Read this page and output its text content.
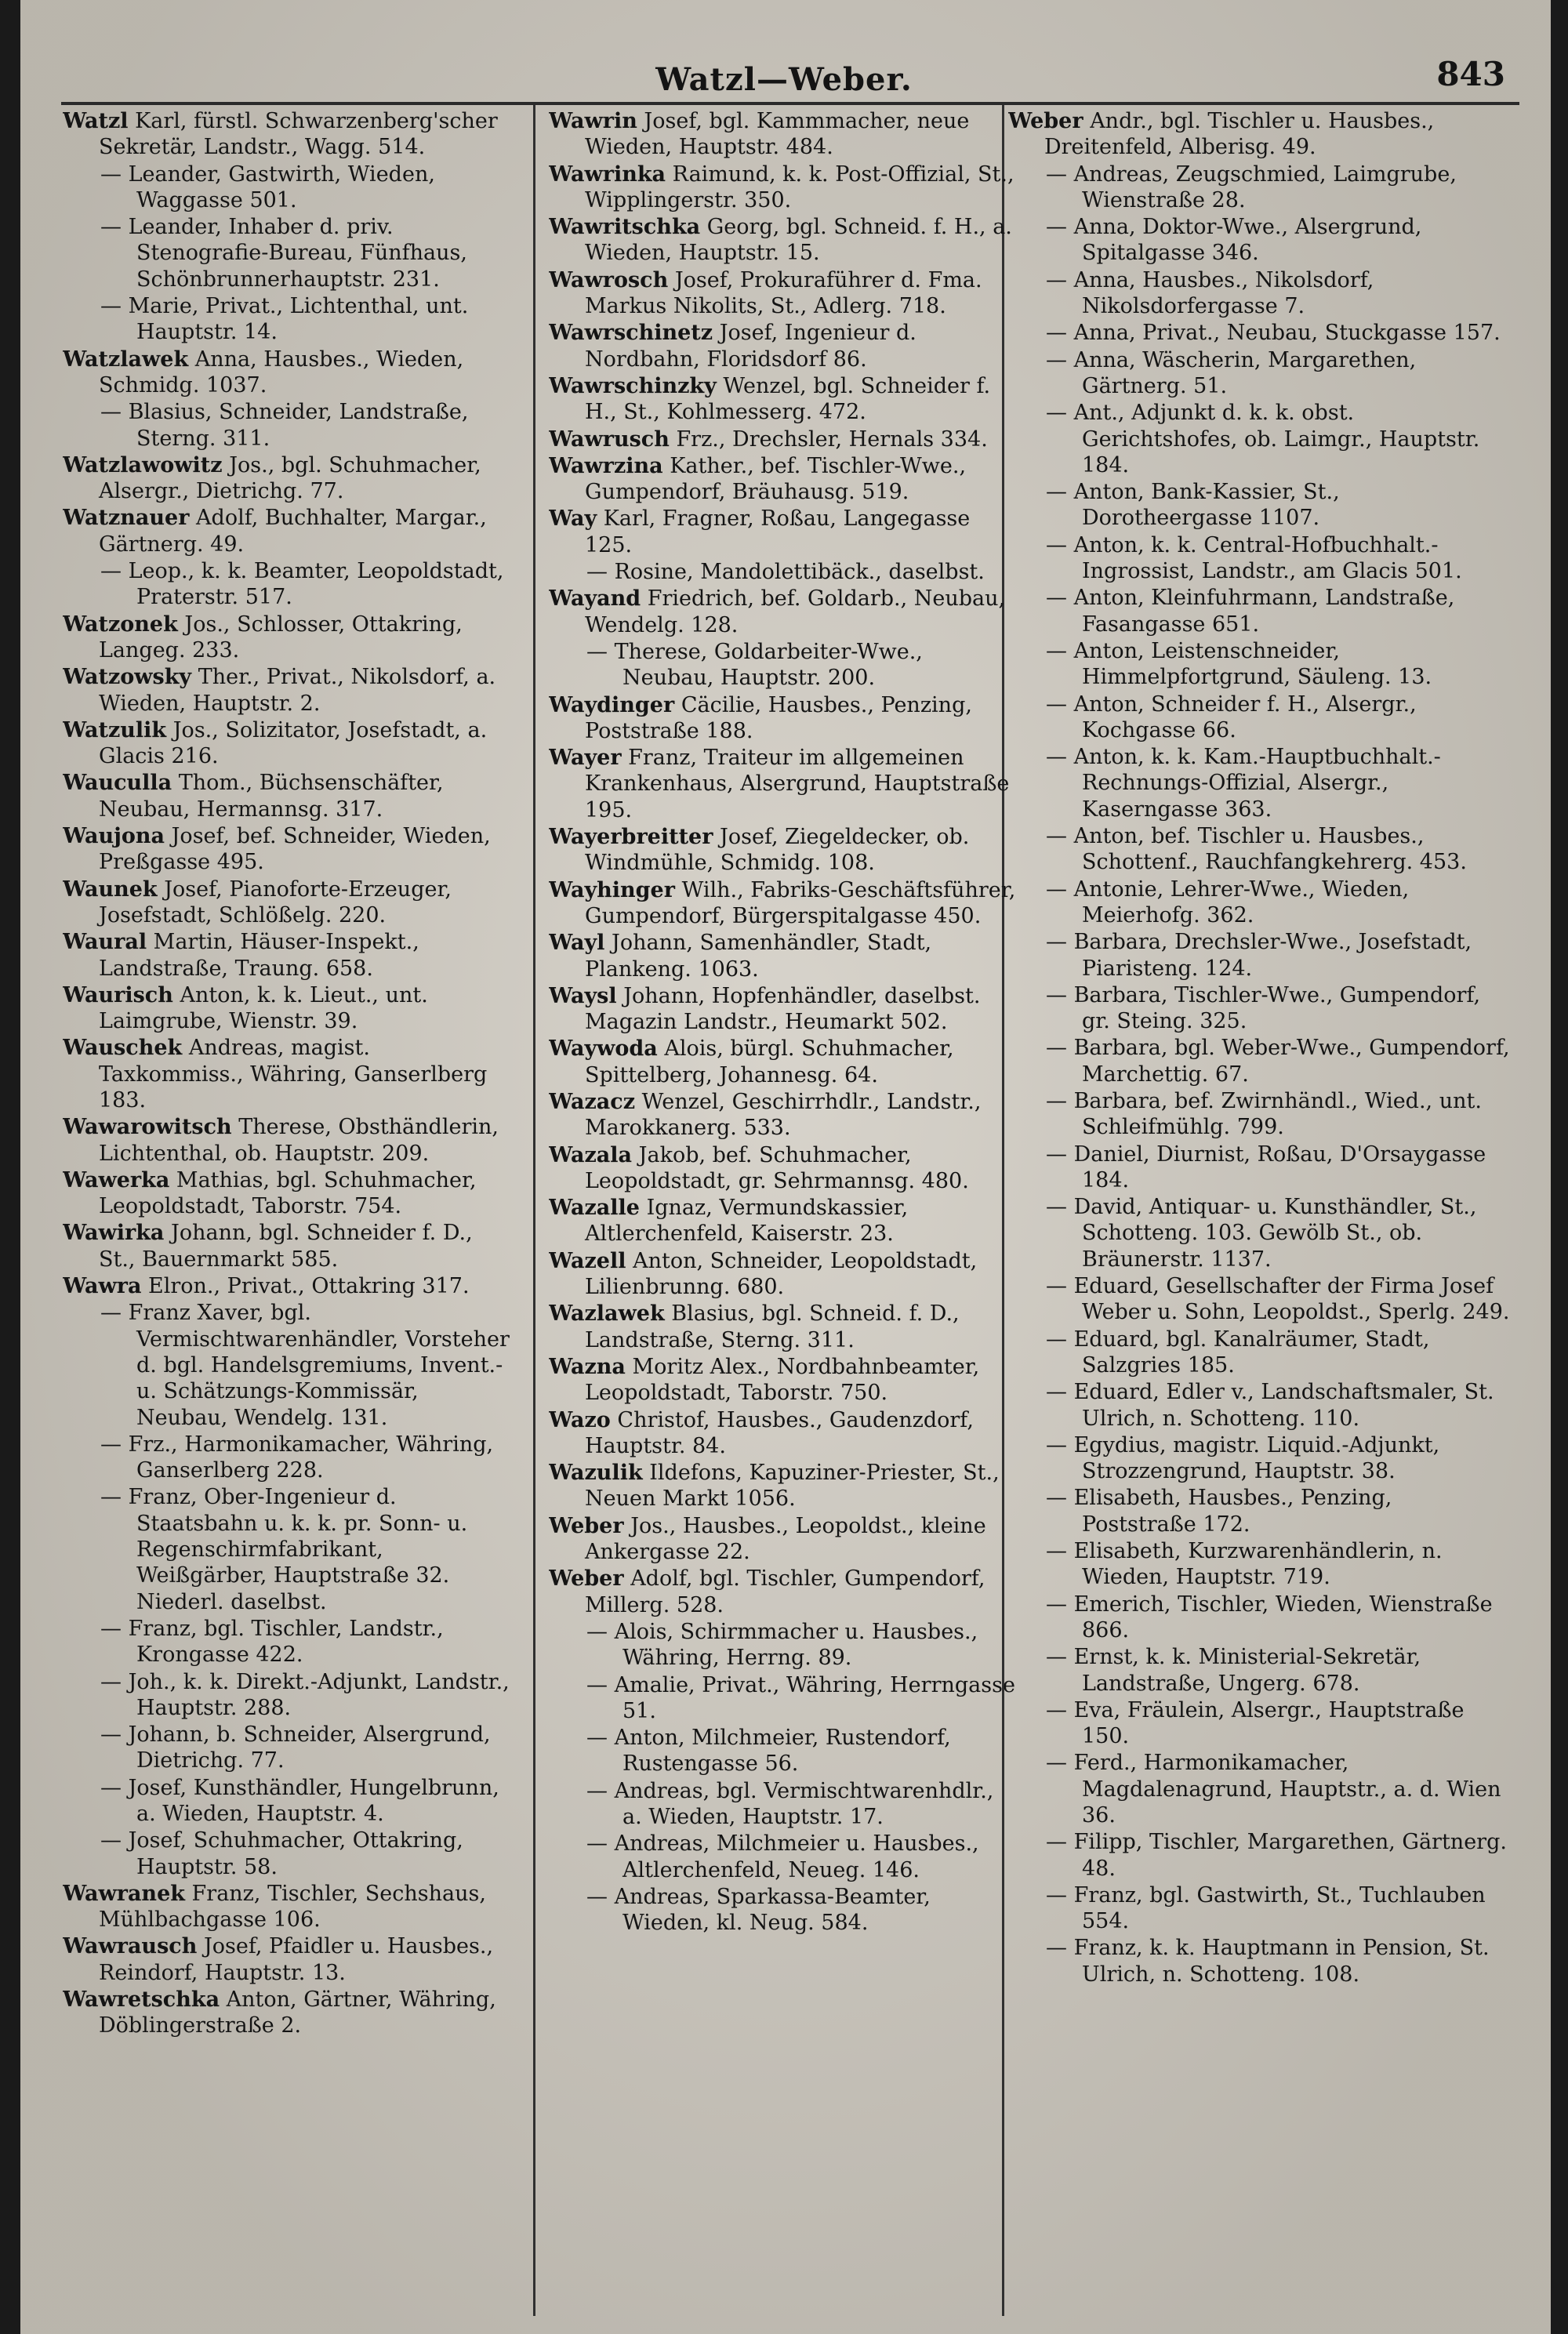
Watzl—Weber.	843
Watzl Karl, fürstl. Schwarzenberg'scher Sekretär, Landstr., Wagg. 514.
— Leander, Gastwirth, Wieden, Waggasse 501.
— Leander, Inhaber d. priv. Stenografie-Bureau, Fünfhaus, Schönbrunnerhauptstr. 231.
— Marie, Privat., Lichtenthal, unt. Hauptstr. 14.
Watzlawek Anna, Hausbes., Wieden, Schmidg. 1037.
— Blasius, Schneider, Landstraße, Sterng. 311.
Watzlawowitz Jos., bgl. Schuhmacher, Alsergr., Dietrichg. 77.
Watznauer Adolf, Buchhalter, Margar., Gärtnerg. 49.
— Leop., k. k. Beamter, Leopoldstadt, Praterstr. 517.
Watzonek Jos., Schlosser, Ottakring, Langeg. 233.
Watzowsky Ther., Privat., Nikolsdorf, a. Wieden, Hauptstr. 2.
Watzulik Jos., Solizitator, Josefstadt, a. Glacis 216.
Wauculla Thom., Büchsenschäfter, Neubau, Hermannsg. 317.
Waujona Josef, bef. Schneider, Wieden, Preßgasse 495.
Waunek Josef, Pianoforte-Erzeuger, Josefstadt, Schlößelg. 220.
Waural Martin, Häuser-Inspekt., Landstraße, Traung. 658.
Waurisch Anton, k. k. Lieut., unt. Laimgrube, Wienstr. 39.
Wauschek Andreas, magist. Taxkommiss., Währing, Ganserlberg 183.
Wawarowitsch Therese, Obsthändlerin, Lichtenthal, ob. Hauptstr. 209.
Wawerka Mathias, bgl. Schuhmacher, Leopoldstadt, Taborstr. 754.
Wawirka Johann, bgl. Schneider f. D., St., Bauernmarkt 585.
Wawra Elron., Privat., Ottakring 317.
— Franz Xaver, bgl. Vermischtwarenhändler, Vorsteher d. bgl. Handelsgremiums, Invent.- u. Schätzungs-Kommissär, Neubau, Wendelg. 131.
— Frz., Harmonikamacher, Währing, Ganserlberg 228.
— Franz, Ober-Ingenieur d. Staatsbahn u. k. k. pr. Sonn- u. Regenschirmfabrikant, Weißgärber, Hauptstraße 32. Niederl. daselbst.
— Franz, bgl. Tischler, Landstr., Krongasse 422.
— Joh., k. k. Direkt.-Adjunkt, Landstr., Hauptstr. 288.
— Johann, b. Schneider, Alsergrund, Dietrichg. 77.
— Josef, Kunsthändler, Hungelbrunn, a. Wieden, Hauptstr. 4.
— Josef, Schuhmacher, Ottakring, Hauptstr. 58.
Wawranek Franz, Tischler, Sechshaus, Mühlbachgasse 106.
Wawrausch Josef, Pfaidler u. Hausbes., Reindorf, Hauptstr. 13.
Wawretschka Anton, Gärtner, Währing, Döblingerstraße 2.
Wawrin Josef, bgl. Kammmacher, neue Wieden, Hauptstr. 484.
Wawrinka Raimund, k. k. Post-Offizial, St., Wipplingerstr. 350.
Wawritschka Georg, bgl. Schneid. f. H., a. Wieden, Hauptstr. 15.
Wawrosch Josef, Prokuraführer d. Fma. Markus Nikolits, St., Adlerg. 718.
Wawrschinetz Josef, Ingenieur d. Nordbahn, Floridsdorf 86.
Wawrschinzky Wenzel, bgl. Schneider f. H., St., Kohlmesserg. 472.
Wawrusch Frz., Drechsler, Hernals 334.
Wawrzina Kather., bef. Tischler-Wwe., Gumpendorf, Bräuhausg. 519.
Way Karl, Fragner, Roßau, Langegasse 125.
— Rosine, Mandolettibäck., daselbst.
Wayand Friedrich, bef. Goldarb., Neubau, Wendelg. 128.
— Therese, Goldarbeiter-Wwe., Neubau, Hauptstr. 200.
Waydinger Cäcilie, Hausbes., Penzing, Poststraße 188.
Wayer Franz, Traiteur im allgemeinen Krankenhaus, Alsergrund, Hauptstraße 195.
Wayerbreitter Josef, Ziegeldecker, ob. Windmühle, Schmidg. 108.
Wayhinger Wilh., Fabriks-Geschäftsführer, Gumpendorf, Bürgerspitalgasse 450.
Wayl Johann, Samenhändler, Stadt, Plankeng. 1063.
Waysl Johann, Hopfenhändler, daselbst. Magazin Landstr., Heumarkt 502.
Waywoda Alois, bürgl. Schuhmacher, Spittelberg, Johannesg. 64.
Wazacz Wenzel, Geschirrhdlr., Landstr., Marokkanerg. 533.
Wazala Jakob, bef. Schuhmacher, Leopoldstadt, gr. Sehrmannsg. 480.
Wazalle Ignaz, Vermundskassier, Altlerchenfeld, Kaiserstr. 23.
Wazell Anton, Schneider, Leopoldstadt, Lilienbrunng. 680.
Wazlawek Blasius, bgl. Schneid. f. D., Landstraße, Sterng. 311.
Wazna Moritz Alex., Nordbahnbeamter, Leopoldstadt, Taborstr. 750.
Wazo Christof, Hausbes., Gaudenzdorf, Hauptstr. 84.
Wazulik Ildefons, Kapuziner-Priester, St., Neuen Markt 1056.
Weber Jos., Hausbes., Leopoldst., kleine Ankergasse 22.
Weber Adolf, bgl. Tischler, Gumpendorf, Millerg. 528.
— Alois, Schirmmacher u. Hausbes., Währing, Herrng. 89.
— Amalie, Privat., Währing, Herrngasse 51.
— Anton, Milchmeier, Rustendorf, Rustengasse 56.
— Andreas, bgl. Vermischtwarenhdlr., a. Wieden, Hauptstr. 17.
— Andreas, Milchmeier u. Hausbes., Altlerchenfeld, Neueg. 146.
— Andreas, Sparkassa-Beamter, Wieden, kl. Neug. 584.
Weber Andr., bgl. Tischler u. Hausbes., Dreitenfeld, Alberisg. 49.
— Andreas, Zeugschmied, Laimgrube, Wienstraße 28.
— Anna, Doktor-Wwe., Alsergrund, Spitalgasse 346.
— Anna, Hausbes., Nikolsdorf, Nikolsdorfergasse 7.
— Anna, Privat., Neubau, Stuckgasse 157.
— Anna, Wäscherin, Margarethen, Gärtnerg. 51.
— Ant., Adjunkt d. k. k. obst. Gerichtshofes, ob. Laimgr., Hauptstr. 184.
— Anton, Bank-Kassier, St., Dorotheergasse 1107.
— Anton, k. k. Central-Hofbuchhalt.-Ingrossist, Landstr., am Glacis 501.
— Anton, Kleinfuhrmann, Landstraße, Fasangasse 651.
— Anton, Leistenschneider, Himmelpfortgrund, Säuleng. 13.
— Anton, Schneider f. H., Alsergr., Kochgasse 66.
— Anton, k. k. Kam.-Hauptbuchhalt.-Rechnungs-Offizial, Alsergr., Kaserngasse 363.
— Anton, bef. Tischler u. Hausbes., Schottenf., Rauchfangkehrerg. 453.
— Antonie, Lehrer-Wwe., Wieden, Meierhofg. 362.
— Barbara, Drechsler-Wwe., Josefstadt, Piaristeng. 124.
— Barbara, Tischler-Wwe., Gumpendorf, gr. Steing. 325.
— Barbara, bgl. Weber-Wwe., Gumpendorf, Marchettig. 67.
— Barbara, bef. Zwirnhändl., Wied., unt. Schleifmühlg. 799.
— Daniel, Diurnist, Roßau, D'Orsaygasse 184.
— David, Antiquar- u. Kunsthändler, St., Schotteng. 103. Gewölb St., ob. Bräunerstr. 1137.
— Eduard, Gesellschafter der Firma Josef Weber u. Sohn, Leopoldst., Sperlg. 249.
— Eduard, bgl. Kanalräumer, Stadt, Salzgries 185.
— Eduard, Edler v., Landschaftsmaler, St. Ulrich, n. Schotteng. 110.
— Egydius, magistr. Liquid.-Adjunkt, Strozzengrund, Hauptstr. 38.
— Elisabeth, Hausbes., Penzing, Poststraße 172.
— Elisabeth, Kurzwarenhändlerin, n. Wieden, Hauptstr. 719.
— Emerich, Tischler, Wieden, Wienstraße 866.
— Ernst, k. k. Ministerial-Sekretär, Landstraße, Ungerg. 678.
— Eva, Fräulein, Alsergr., Hauptstraße 150.
— Ferd., Harmonikamacher, Magdalenagrund, Hauptstr., a. d. Wien 36.
— Filipp, Tischler, Margarethen, Gärtnerg. 48.
— Franz, bgl. Gastwirth, St., Tuchlauben 554.
— Franz, k. k. Hauptmann in Pension, St. Ulrich, n. Schotteng. 108.
